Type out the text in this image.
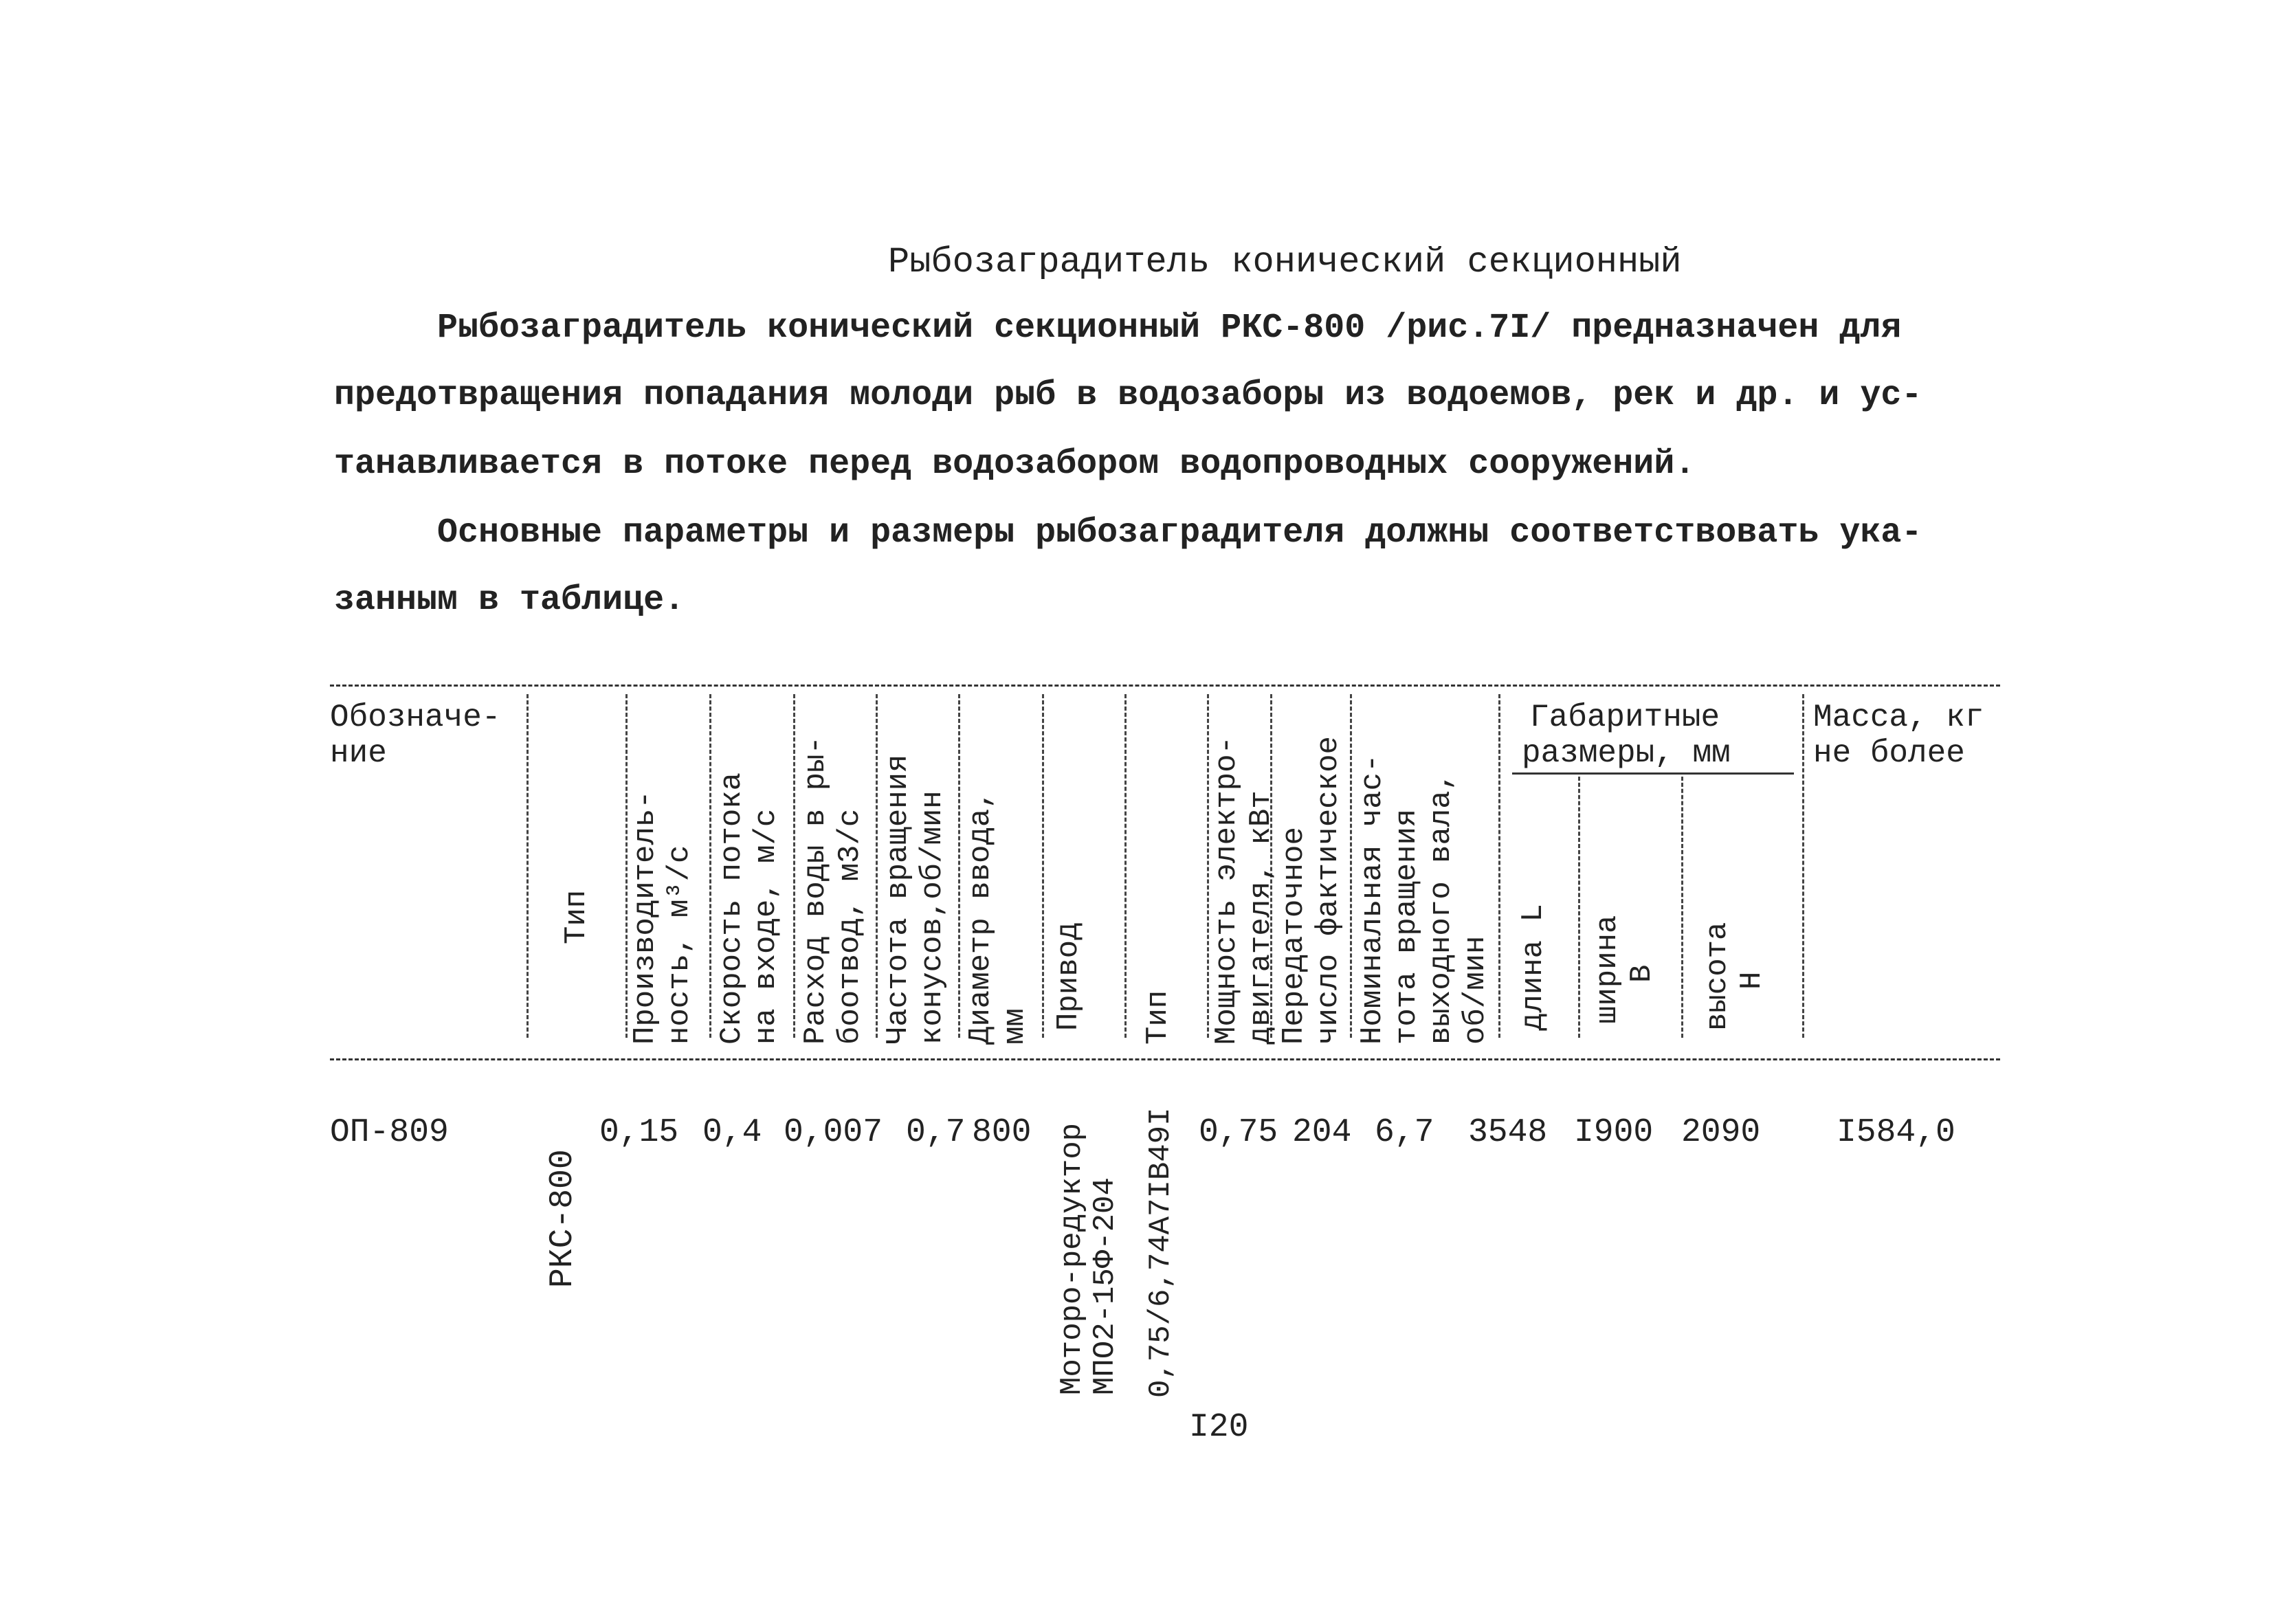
Рыбозаградитель конический секционный
Рыбозаградитель конический секционный РКС-800 /рис.7I/ предназначен для
предотвращения попадания молоди рыб в водозаборы из водоемов, рек и др. и ус-
танавливается в потоке перед водозабором водопроводных сооружений.
Основные параметры и размеры рыбозаградителя должны соответствовать ука-
занным в таблице.
Обозначе-
ние
Габаритные
размеры, мм
Масса, кг
не более
Тип Производитель- ность, м³/с Скорость потока на входе, м/с Расход воды в ры- боотвод, м3/с Частота вращения конусов,об/мин Диаметр ввода, мм Привод Тип Мощность электро- двигателя, кВт
Передаточное число фактическое Номинальная час- тота вращения выходного вала, об/мин длина L ширина B высота H
ОП-809
РКС-800
0,15 0,4 0,007 0,7 800 Моторо-редуктор
МПО2-15Ф-204 0,75/6,74А7IВ49I 0,75 204 6,7 3548 I900 2090 I584,0
I20
